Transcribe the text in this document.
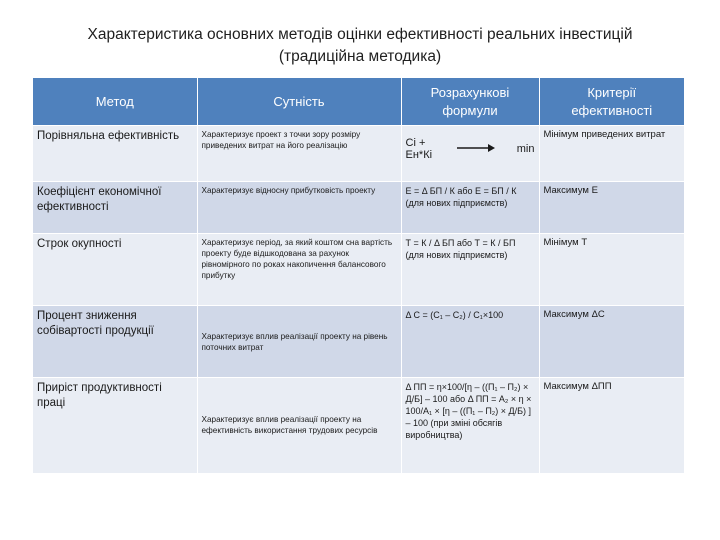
Характеристика основних методів оцінки ефективності реальних інвестицій
(традиційна методика)
Метод	Сутність	Розрахункові формули	Критерії ефективності
Порівняльна ефективність	Характеризує проект з точки зору розміру приведених витрат на його реалізацію	Сі + Ен*Кі min	Мінімум приведених витрат
Коефіцієнт економічної ефективності	Характеризує відносну прибутковість проекту	Е = Δ БП / К або Е = БП / К (для нових підприємств)	Максимум Е
Строк окупності	Характеризує період, за який коштом сна вартість проекту буде відшкодована за рахунок рівномірного по роках накопичення балансового прибутку	Т = К / Δ БП або Т = К / БП (для нових підприємств)	Мінімум Т
Процент зниження собівартості продукції	Характеризує вплив реалізації проекту на рівень поточних витрат	Δ С = (С₁ – С₂) / С₁×100	Максимум ΔС
Приріст продуктивності праці	Характеризує вплив реалізації проекту на ефективність використання трудових ресурсів	Δ ПП = η×100/[η – ((П₁ – П₂) × Д/Б] – 100 або Δ ПП = А₂ × η × 100/А₁ × [η – ((П₁ – П₂) × Д/Б) ] – 100 (при зміні обсягів виробництва)	Максимум ΔПП
